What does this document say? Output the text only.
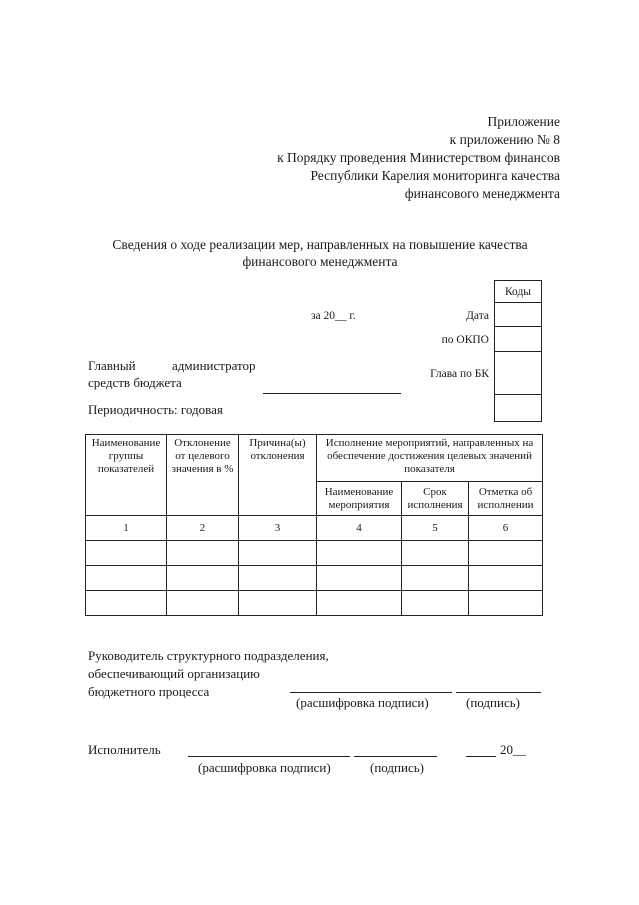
Приложение
к приложению № 8
к Порядку проведения Министерством финансов
Республики Карелия мониторинга качества
финансового менеджмента
Сведения о ходе реализации мер, направленных на повышение качества
финансового менеджмента
Коды

за 20__ г.	Дата
по ОКПО
Глава по БК
Главный	администратор
средств бюджета
Периодичность: годовая
Наименование группы показателей	Отклонение от целевого значения в %	Причина(ы) отклонения	Исполнение мероприятий, направленных на обеспечение достижения целевых значений показателя		
			Наименование мероприятия	Срок исполнения	Отметка об исполнении
1	2	3	4	5	6

Руководитель структурного подразделения,
обеспечивающий организацию
бюджетного процесса
(расшифровка подписи)	(подпись)
Исполнитель	20__
(расшифровка подписи)	(подпись)
